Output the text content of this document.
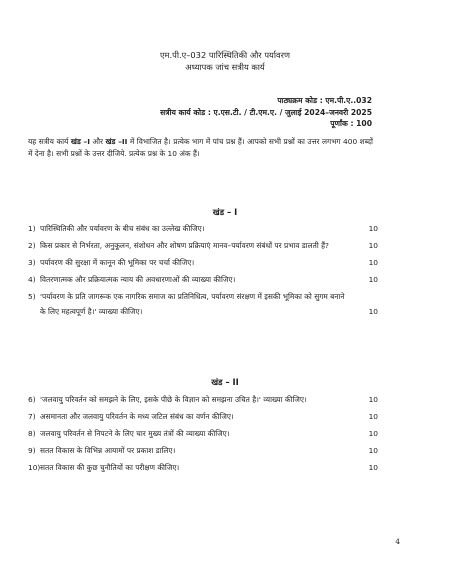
एम.पी.ए–032 पारिस्थितिकी और पर्यावरण
अध्यापक जांच सत्रीय कार्य
पाठ्यक्रम कोड : एम.पी.ए..032
सत्रीय कार्य कोड : ए.एस.टी. / टी.एम.ए. / जुलाई 2024–जनवरी 2025
पूर्णांक : 100
यह सत्रीय कार्य खंड –I और खंड –II में विभाजित है। प्रत्येक भाग में पांच प्रश्न हैं। आपको सभी प्रश्नों का उत्तर लगभग 400 शब्दों में देना है। सभी प्रश्नों के उत्तर दीजिये. प्रत्येक प्रश्न के 10 अंक हैं।
खंड – I
1) पारिस्थितिकी और पर्यावरण के बीच संबंध का उल्लेख कीजिए।	10
2) किस प्रकार से निर्भरता, अनुकूलन, संशोधन और शोषण प्रक्रियाएं मानव–पर्यावरण संबंधों पर प्रभाव डालती हैं?	10
3) पर्यावरण की सुरक्षा में कानून की भूमिका पर चर्चा कीजिए।	10
4) वितरणात्मक और प्रक्रियात्मक न्याय की अवधारणाओं की व्याख्या कीजिए।	10
5) 'पर्यावरण के प्रति जागरूक एक नागरिक समाज का प्रतिनिधित्व, पर्यावरण संरक्षण में इसकी भूमिका को सुगम बनाने के लिए महत्वपूर्ण है।' व्याख्या कीजिए।	10
खंड – II
6) 'जलवायु परिवर्तन को समझने के लिए, इसके पीछे के विज्ञान को समझना उचित है।' व्याख्या कीजिए।	10
7) असमानता और जलवायु परिवर्तन के मध्य जटिल संबंध का वर्णन कीजिए।	10
8) जलवायु परिवर्तन से निपटने के लिए चार मुख्य तंत्रों की व्याख्या कीजिए।	10
9) सतत विकास के विभिन्न आयामों पर प्रकाश डालिए।	10
10) सतत विकास की कुछ चुनौतियों का परीक्षण कीजिए।	10
4
